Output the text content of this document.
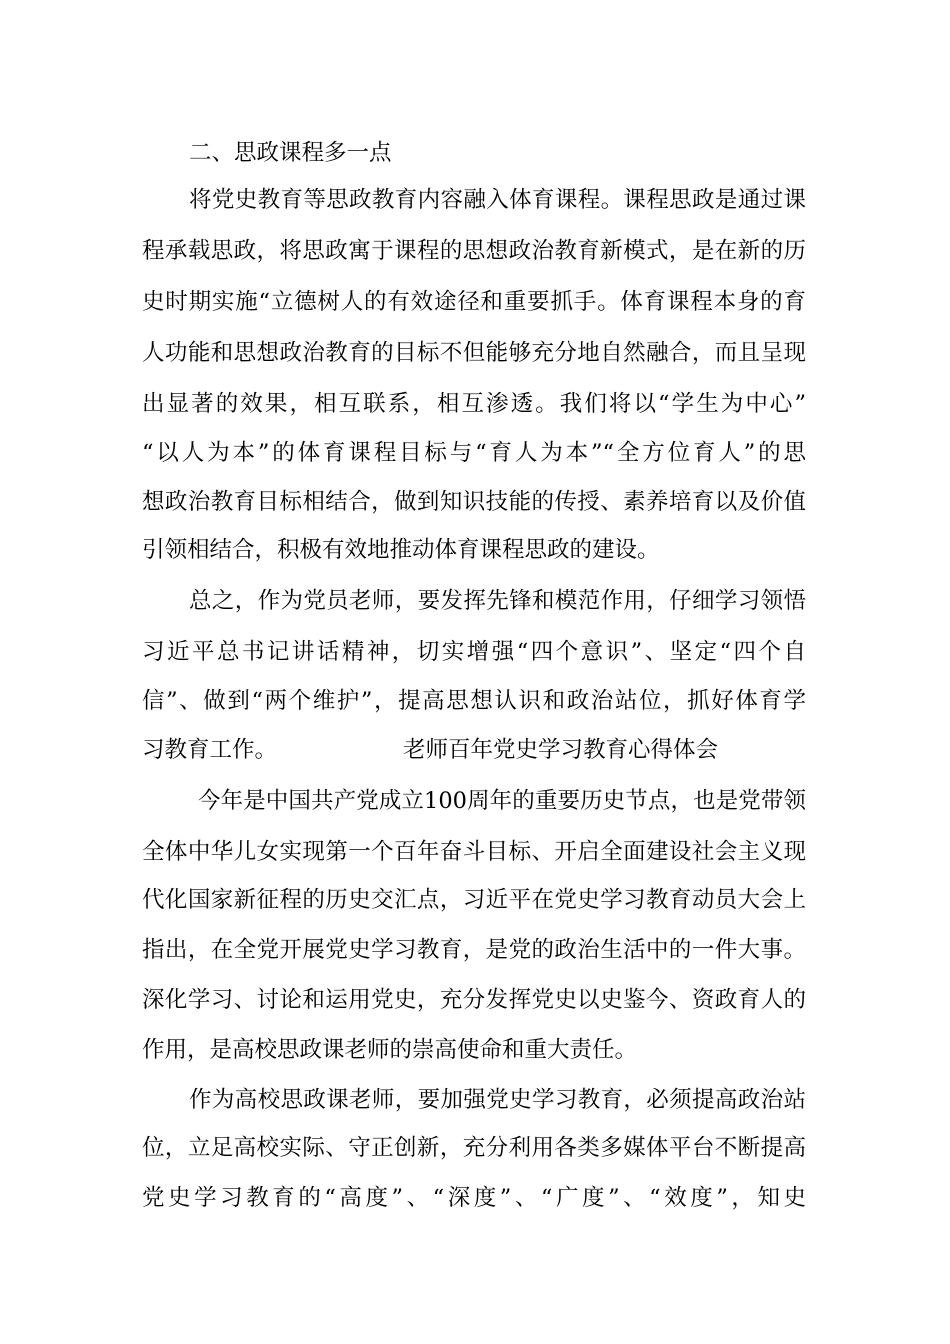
二、思政课程多一点
将党史教育等思政教育内容融入体育课程。课程思政是通过课
程承载思政，将思政寓于课程的思想政治教育新模式，是在新的历
史时期实施“立德树人的有效途径和重要抓手。体育课程本身的育
人功能和思想政治教育的目标不但能够充分地自然融合，而且呈现
出显著的效果，相互联系，相互渗透。我们将以“学生为中心”
“以人为本”的体育课程目标与“育人为本”“全方位育人”的思
想政治教育目标相结合，做到知识技能的传授、素养培育以及价值
引领相结合，积极有效地推动体育课程思政的建设。
总之，作为党员老师，要发挥先锋和模范作用，仔细学习领悟
习近平总书记讲话精神，切实增强“四个意识”、坚定“四个自
信”、做到“两个维护”，提高思想认识和政治站位，抓好体育学
习教育工作。	老师百年党史学习教育心得体会
今年是中国共产党成立100周年的重要历史节点，也是党带领
全体中华儿女实现第一个百年奋斗目标、开启全面建设社会主义现
代化国家新征程的历史交汇点，习近平在党史学习教育动员大会上
指出，在全党开展党史学习教育，是党的政治生活中的一件大事。
深化学习、讨论和运用党史，充分发挥党史以史鉴今、资政育人的
作用，是高校思政课老师的崇高使命和重大责任。
作为高校思政课老师，要加强党史学习教育，必须提高政治站
位，立足高校实际、守正创新，充分利用各类多媒体平台不断提高
党史学习教育的“高度”、“深度”、“广度”、“效度”，知史
